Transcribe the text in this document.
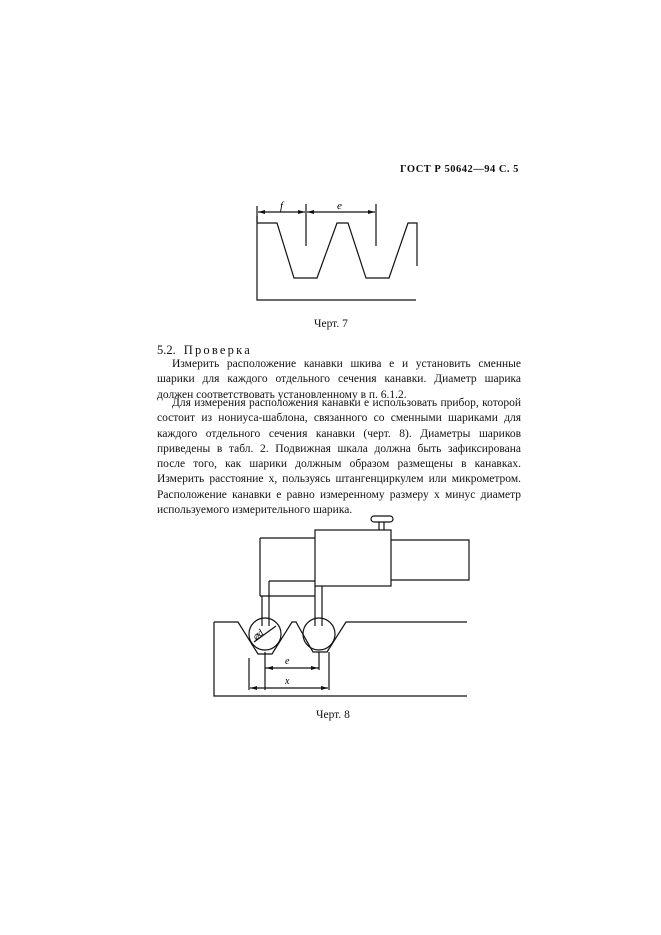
ГОСТ Р 50642—94 С. 5
f	e
Черт. 7
5.2. Проверка
Измерить расположение канавки шкива e и установить сменные шарики для каждого отдельного сечения канавки. Диаметр шарика должен соответствовать установленному в п. 6.1.2.
Для измерения расположения канавки e использовать прибор, которой состоит из нониуса-шаблона, связанного со сменными шариками для каждого отдельного сечения канавки (черт. 8). Диаметры шариков приведены в табл. 2. Подвижная шкала должна быть зафиксирована после того, как шарики должным образом размещены в канавках. Измерить расстояние x, пользуясь штангенциркулем или микрометром. Расположение канавки e равно измеренному размеру x минус диаметр используемого измерительного шарика.
⌀d
e
x
Черт. 8
